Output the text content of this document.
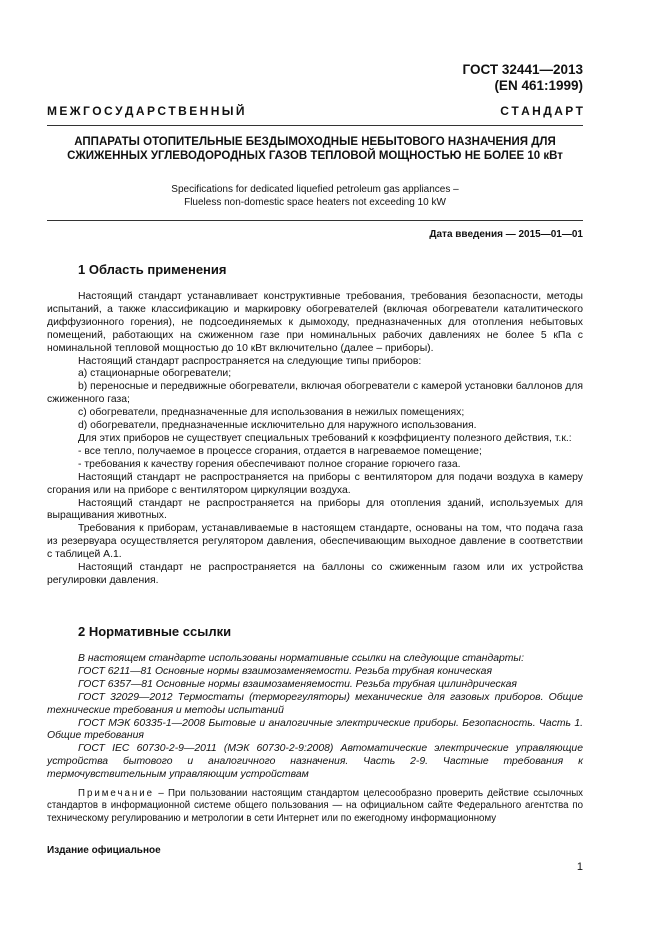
ГОСТ 32441—2013
(EN 461:1999)
М Е Ж Г О С У Д А Р С Т В Е Н Н Ы Й   С Т А Н Д А Р Т
АППАРАТЫ ОТОПИТЕЛЬНЫЕ БЕЗДЫМОХОДНЫЕ НЕБЫТОВОГО НАЗНАЧЕНИЯ ДЛЯ
СЖИЖЕННЫХ УГЛЕВОДОРОДНЫХ ГАЗОВ ТЕПЛОВОЙ МОЩНОСТЬЮ НЕ БОЛЕЕ 10 кВт
Specifications for dedicated liquefied petroleum gas appliances –
Flueless non-domestic space heaters not exceeding 10 kW
Дата введения — 2015—01—01

1 Область применения

Настоящий стандарт устанавливает конструктивные требования, требования безопасности, методы испытаний, а также классификацию и маркировку обогревателей (включая обогреватели каталитического диффузионного горения), не подсоединяемых к дымоходу, предназначенных для отопления небытовых помещений, работающих на сжиженном газе при номинальных рабочих давлениях не более 5 кПа с номинальной тепловой мощностью до 10 кВт включительно (далее – приборы).

Настоящий стандарт распространяется на следующие типы приборов:

а) стационарные обогреватели;

b) переносные и передвижные обогреватели, включая обогреватели с камерой установки баллонов для сжиженного газа;

c) обогреватели, предназначенные для использования в нежилых помещениях;

d) обогреватели, предназначенные исключительно для наружного использования.

Для этих приборов не существует специальных требований к коэффициенту полезного действия, т.к.:

- все тепло, получаемое в процессе сгорания, отдается в нагреваемое помещение;

- требования к качеству горения обеспечивают полное сгорание горючего газа.

Настоящий стандарт не распространяется на приборы с вентилятором для подачи воздуха в камеру сгорания или на приборе с вентилятором циркуляции воздуха.

Настоящий стандарт не распространяется на приборы для отопления зданий, используемых для выращивания животных.

Требования к приборам, устанавливаемые в настоящем стандарте, основаны на том, что подача газа из резервуара осуществляется регулятором давления, обеспечивающим выходное давление в соответствии с таблицей А.1.

Настоящий стандарт не распространяется на баллоны со сжиженным газом или их устройства регулировки давления.

2 Нормативные ссылки

В настоящем стандарте использованы нормативные ссылки на следующие стандарты:

ГОСТ 6211—81 Основные нормы взаимозаменяемости. Резьба трубная коническая

ГОСТ 6357—81 Основные нормы взаимозаменяемости. Резьба трубная цилиндрическая

ГОСТ 32029—2012 Термостаты (терморегуляторы) механические для газовых приборов. Общие технические требования и методы испытаний

ГОСТ МЭК 60335-1—2008 Бытовые и аналогичные электрические приборы. Безопасность. Часть 1. Общие требования

ГОСТ IEC 60730-2-9—2011 (МЭК 60730-2-9:2008) Автоматические электрические управляющие устройства бытового и аналогичного назначения. Часть 2-9. Частные требования к термочувствительным управляющим устройствам

Примечание – При пользовании настоящим стандартом целесообразно проверить действие ссылочных стандартов в информационной системе общего пользования — на официальном сайте Федерального агентства по техническому регулированию и метрологии в сети Интернет или по ежегодному информационному
Издание официальное
1
